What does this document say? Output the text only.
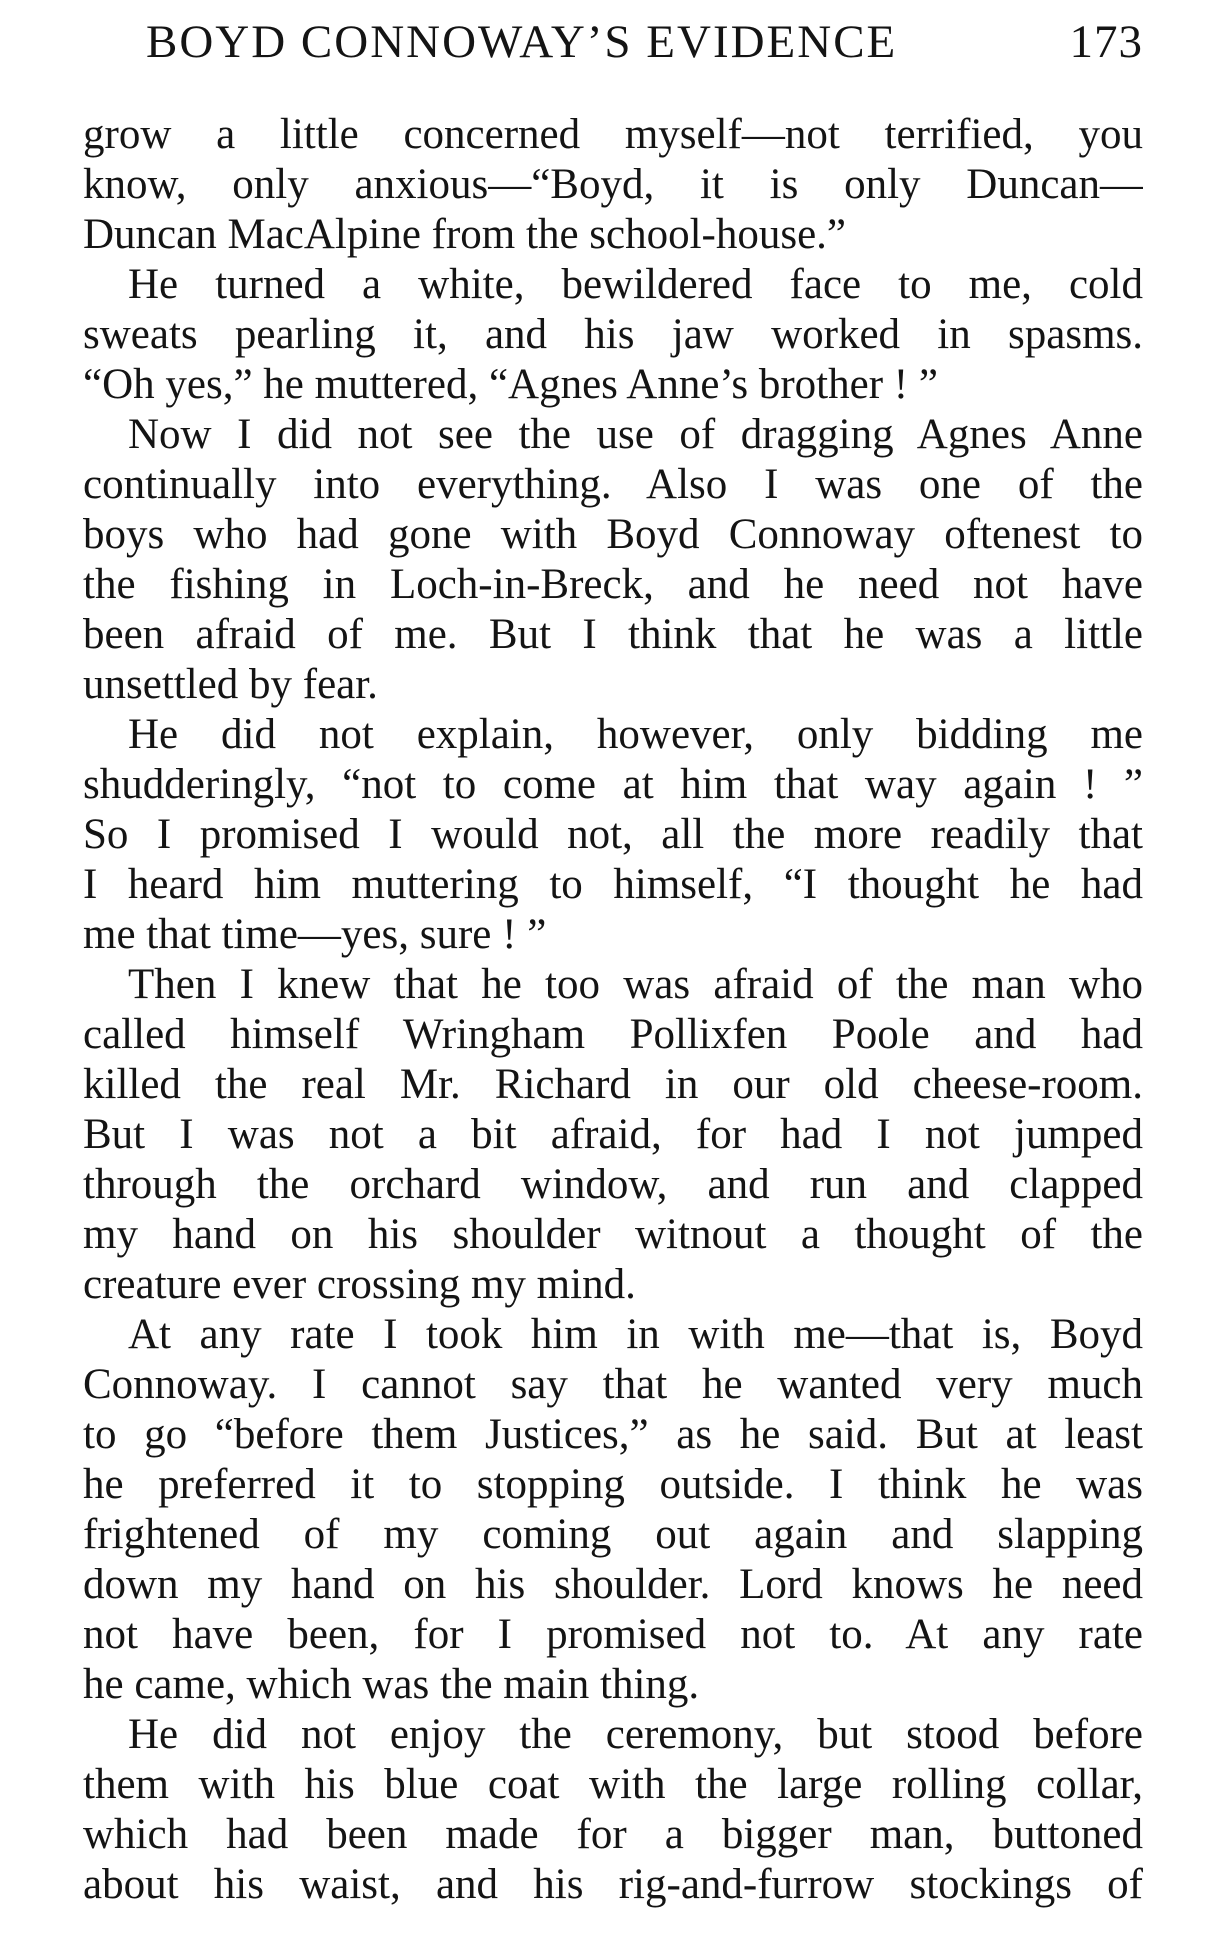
BOYD CONNOWAY’S EVIDENCE	173
grow a little concerned myself—not terrified, you
know, only anxious—“Boyd, it is only Duncan—
Duncan MacAlpine from the school-house.”
He turned a white, bewildered face to me, cold
sweats pearling it, and his jaw worked in spasms.
“Oh yes,” he muttered, “Agnes Anne’s brother ! ”
Now I did not see the use of dragging Agnes Anne
continually into everything. Also I was one of the
boys who had gone with Boyd Connoway oftenest to
the fishing in Loch-in-Breck, and he need not have
been afraid of me. But I think that he was a little
unsettled by fear.
He did not explain, however, only bidding me
shudderingly, “not to come at him that way again ! ”
So I promised I would not, all the more readily that
I heard him muttering to himself, “I thought he had
me that time—yes, sure ! ”
Then I knew that he too was afraid of the man who
called himself Wringham Pollixfen Poole and had
killed the real Mr. Richard in our old cheese-room.
But I was not a bit afraid, for had I not jumped
through the orchard window, and run and clapped
my hand on his shoulder witnout a thought of the
creature ever crossing my mind.
At any rate I took him in with me—that is, Boyd
Connoway. I cannot say that he wanted very much
to go “before them Justices,” as he said. But at least
he preferred it to stopping outside. I think he was
frightened of my coming out again and slapping
down my hand on his shoulder. Lord knows he need
not have been, for I promised not to. At any rate
he came, which was the main thing.
He did not enjoy the ceremony, but stood before
them with his blue coat with the large rolling collar,
which had been made for a bigger man, buttoned
about his waist, and his rig-and-furrow stockings of
